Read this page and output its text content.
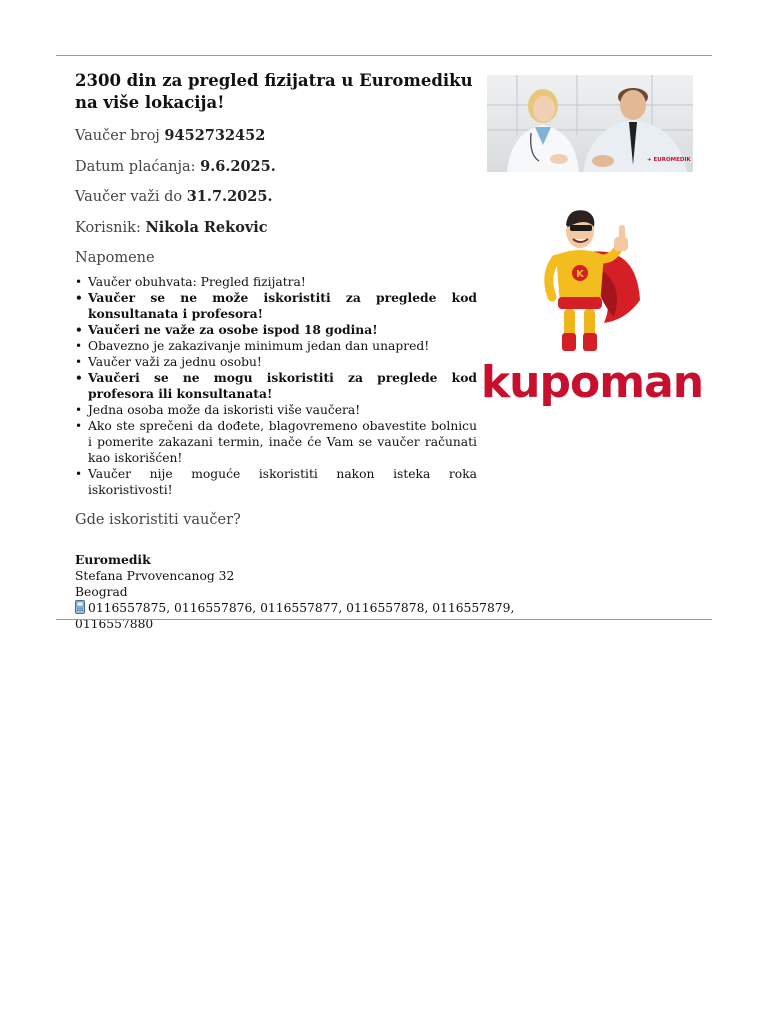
2300 din za pregled fizijatra u Euromediku na više lokacija!

Vaučer broj 9452732452

Datum plaćanja: 9.6.2025.

Vaučer važi do 31.7.2025.

Korisnik: Nikola Rekovic

Napomene

• Vaučer obuhvata: Pregled fizijatra!
• Vaučer se ne može iskoristiti za preglede kod konsultanata i profesora!
• Vaučeri ne važe za osobe ispod 18 godina!
• Obavezno je zakazivanje minimum jedan dan unapred!
• Vaučer važi za jednu osobu!
• Vaučeri se ne mogu iskoristiti za preglede kod profesora ili konsultanata!
• Jedna osoba može da iskoristi više vaučera!
• Ako ste sprečeni da dođete, blagovremeno obavestite bolnicu i pomerite zakazani termin, inače će Vam se vaučer računati kao iskorišćen!
• Vaučer nije moguće iskoristiti nakon isteka roka iskoristivosti!

Gde iskoristiti vaučer?

Euromedik
Stefana Prvovencanog 32
Beograd
0116557875, 0116557876, 0116557877, 0116557878, 0116557879, 0116557880
+ EUROMEDIK
K
kupoman
